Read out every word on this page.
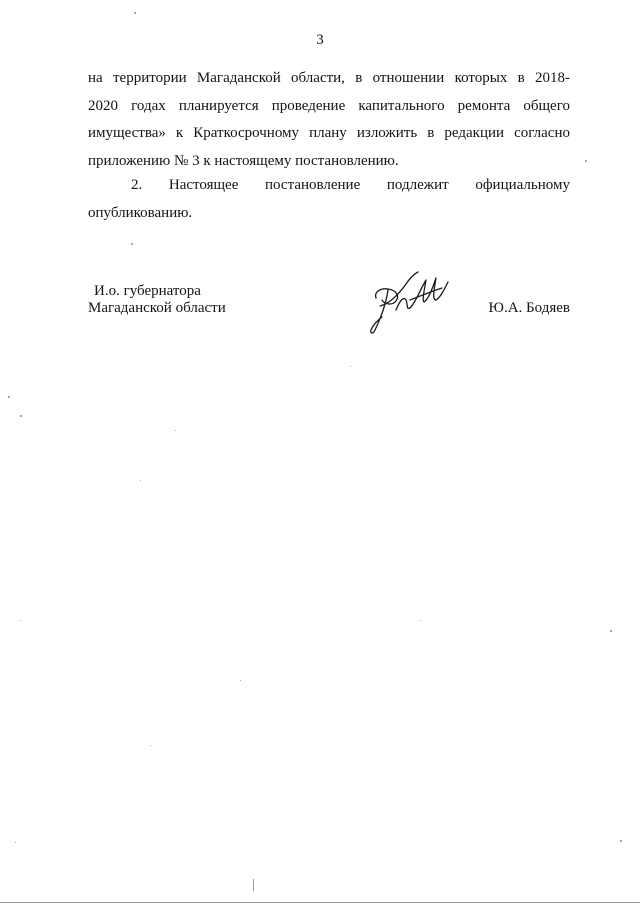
3
на территории Магаданской области, в отношении которых в 2018-
2020 годах планируется проведение капитального ремонта общего
имущества» к Краткосрочному плану изложить в редакции согласно
приложению № 3 к настоящему постановлению.
2. Настоящее постановление подлежит официальному
опубликованию.
И.о. губернатора
Магаданской области	Ю.А. Бодяев
